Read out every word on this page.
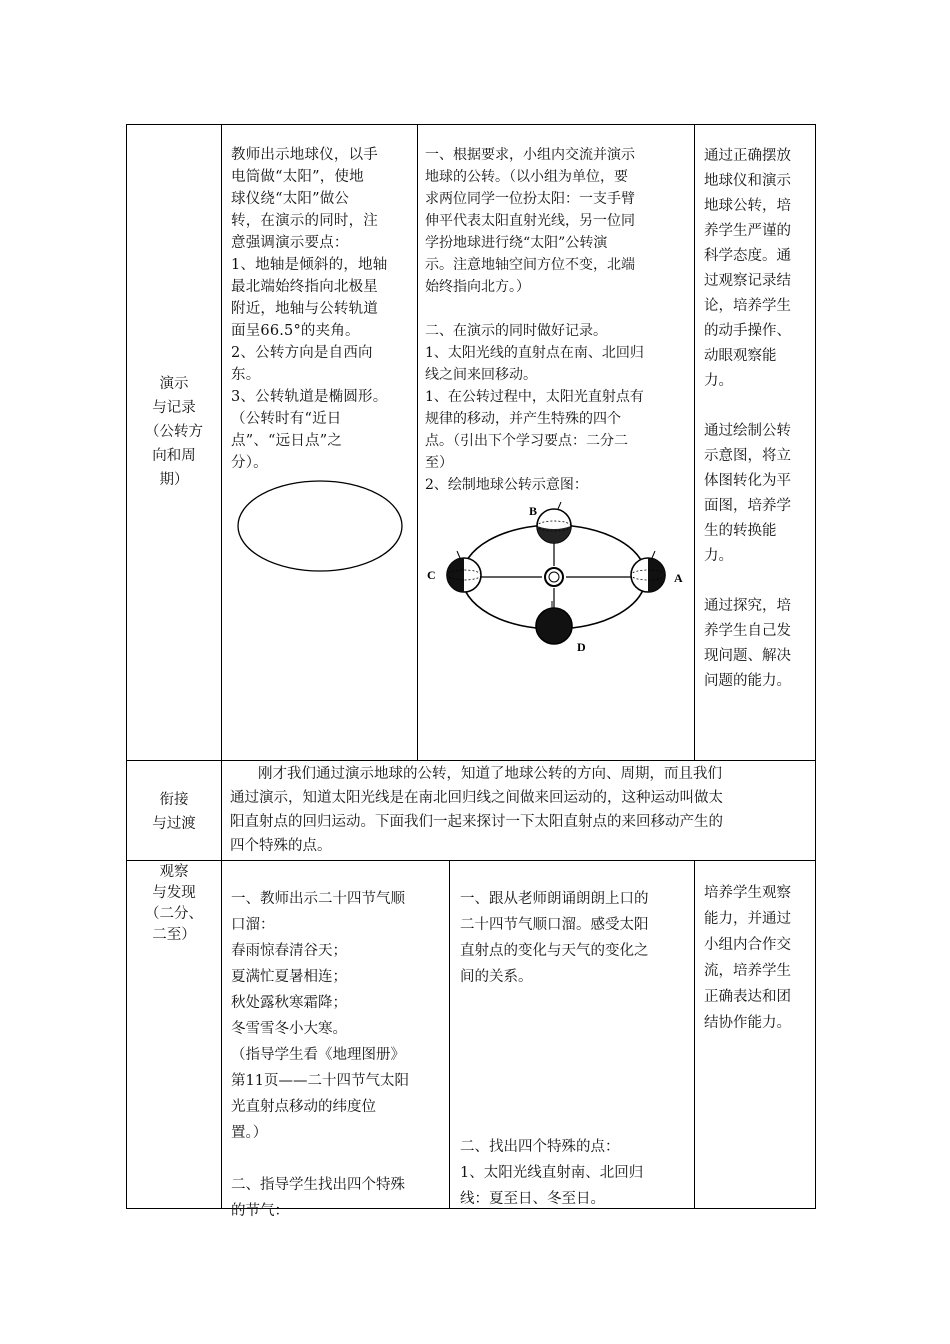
演示

与记录

（公转方

向和周

期）

教师出示地球仪，以手

电筒做“太阳”，使地

球仪绕“太阳”做公

转，在演示的同时，注

意强调演示要点：

1、地轴是倾斜的，地轴

最北端始终指向北极星

附近，地轴与公转轨道

面呈66.5°的夹角。

2、公转方向是自西向

东。

3、公转轨道是椭圆形。

（公转时有“近日

点”、“远日点”之

分）。

一、根据要求，小组内交流并演示

地球的公转。（以小组为单位，要

求两位同学一位扮太阳：一支手臂

伸平代表太阳直射光线，另一位同

学扮地球进行绕“太阳”公转演

示。注意地轴空间方位不变，北端

始终指向北方。）

二、在演示的同时做好记录。

1、太阳光线的直射点在南、北回归

线之间来回移动。

1、在公转过程中，太阳光直射点有

规律的移动，并产生特殊的四个

点。（引出下个学习要点：二分二

至）

2、绘制地球公转示意图：

B
C	A
D

通过正确摆放

地球仪和演示

地球公转，培

养学生严谨的

科学态度。通

过观察记录结

论，培养学生

的动手操作、

动眼观察能

力。

通过绘制公转

示意图，将立

体图转化为平

面图，培养学

生的转换能

力。

通过探究，培

养学生自己发

现问题、解决

问题的能力。

衔接

与过渡

刚才我们通过演示地球的公转，知道了地球公转的方向、周期，而且我们

通过演示，知道太阳光线是在南北回归线之间做来回运动的，这种运动叫做太

阳直射点的回归运动。下面我们一起来探讨一下太阳直射点的来回移动产生的

四个特殊的点。

观察

与发现

（二分、

二至）

一、教师出示二十四节气顺

口溜：

春雨惊春清谷天；

夏满忙夏暑相连；

秋处露秋寒霜降；

冬雪雪冬小大寒。

（指导学生看《地理图册》

第11页——二十四节气太阳

光直射点移动的纬度位

置。）

二、指导学生找出四个特殊

的节气：

一、跟从老师朗诵朗朗上口的

二十四节气顺口溜。感受太阳

直射点的变化与天气的变化之

间的关系。

二、找出四个特殊的点：

1、太阳光线直射南、北回归

线：夏至日、冬至日。

培养学生观察

能力，并通过

小组内合作交

流，培养学生

正确表达和团

结协作能力。
